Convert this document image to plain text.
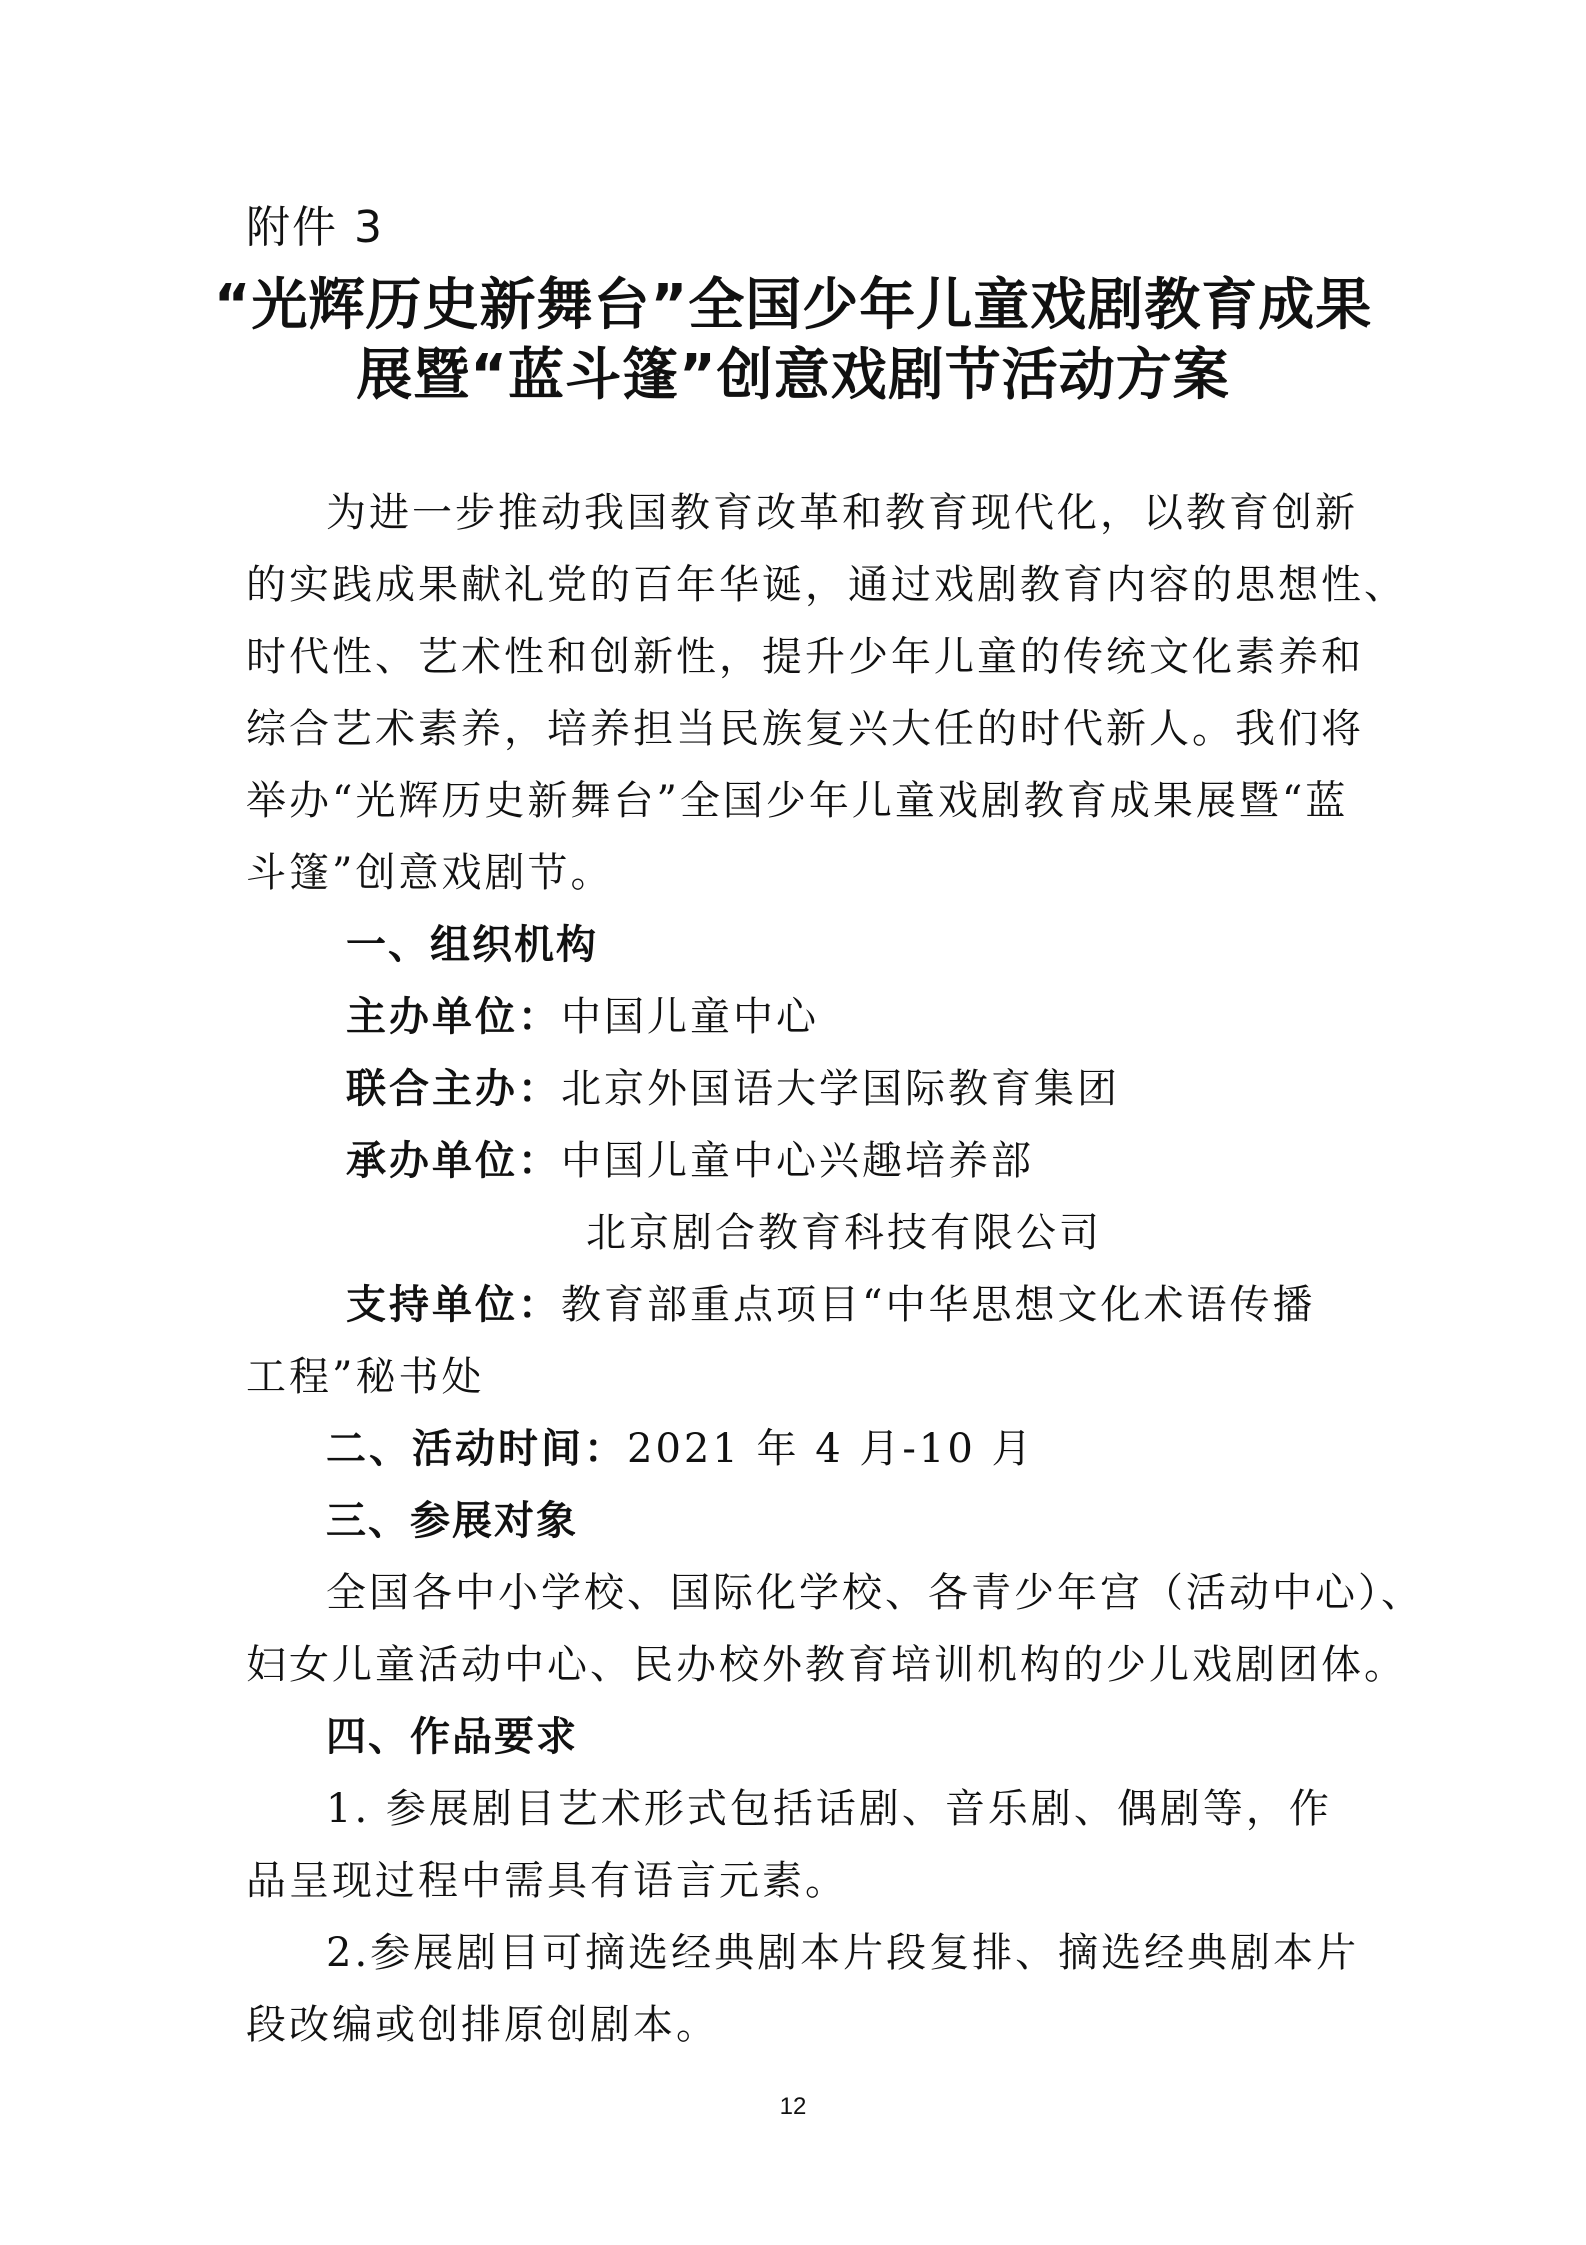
附件 3
“光辉历史新舞台”全国少年儿童戏剧教育成果
展暨“蓝斗篷”创意戏剧节活动方案
为进一步推动我国教育改革和教育现代化，以教育创新
的实践成果献礼党的百年华诞，通过戏剧教育内容的思想性、
时代性、艺术性和创新性，提升少年儿童的传统文化素养和
综合艺术素养，培养担当民族复兴大任的时代新人。我们将
举办“光辉历史新舞台”全国少年儿童戏剧教育成果展暨“蓝
斗篷”创意戏剧节。
一、组织机构
主办单位：中国儿童中心
联合主办：北京外国语大学国际教育集团
承办单位：中国儿童中心兴趣培养部
北京剧合教育科技有限公司
支持单位：教育部重点项目“中华思想文化术语传播
工程”秘书处
二、活动时间：2021 年 4 月-10 月
三、参展对象
全国各中小学校、国际化学校、各青少年宫（活动中心）、
妇女儿童活动中心、民办校外教育培训机构的少儿戏剧团体。
四、作品要求
1. 参展剧目艺术形式包括话剧、音乐剧、偶剧等，作
品呈现过程中需具有语言元素。
2.参展剧目可摘选经典剧本片段复排、摘选经典剧本片
段改编或创排原创剧本。
12
